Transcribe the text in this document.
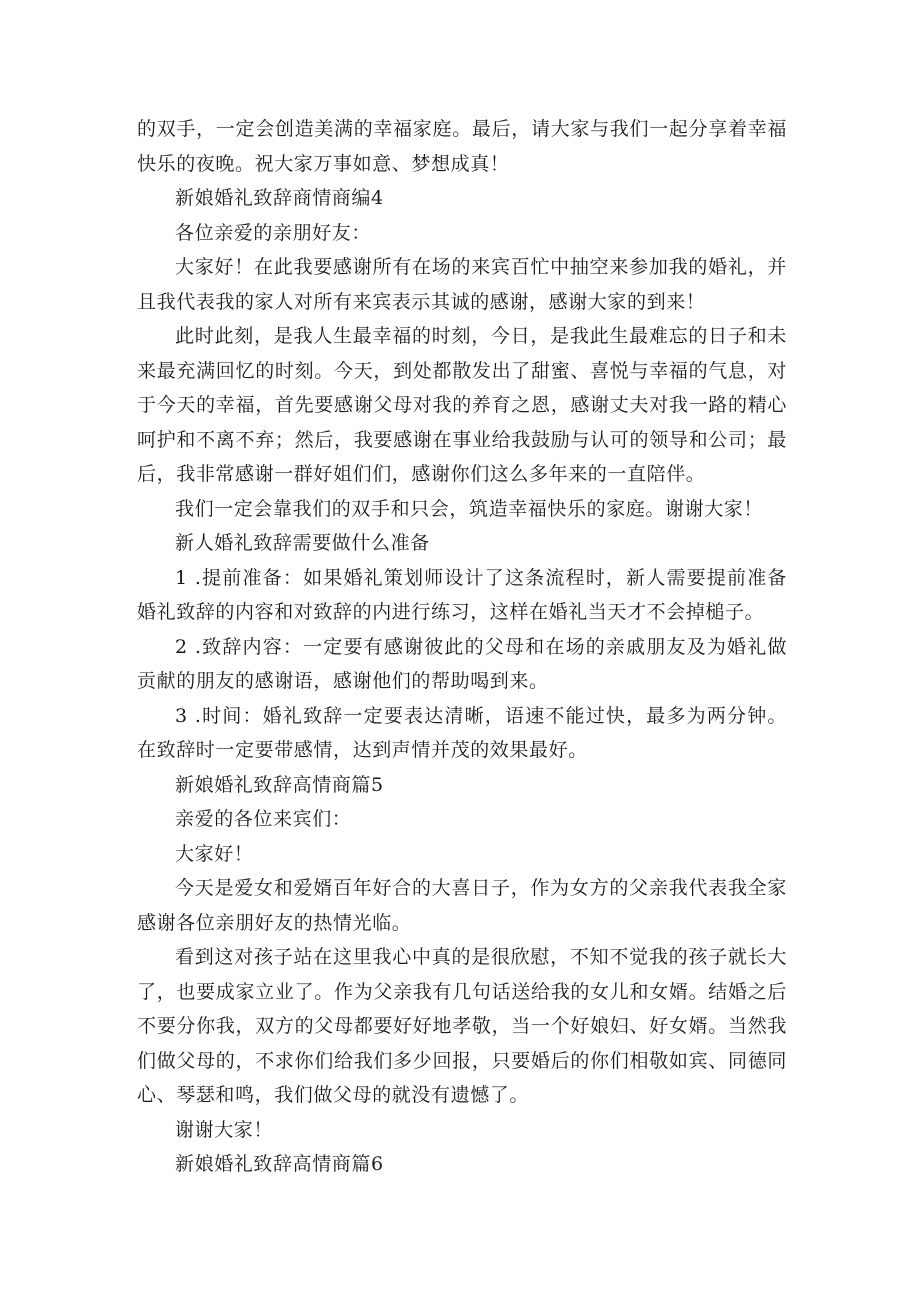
的双手，一定会创造美满的幸福家庭。最后，请大家与我们一起分享着幸福快乐的夜晚。祝大家万事如意、梦想成真！

新娘婚礼致辞商情商编4

各位亲爱的亲朋好友：

大家好！在此我要感谢所有在场的来宾百忙中抽空来参加我的婚礼，并且我代表我的家人对所有来宾表示其诚的感谢，感谢大家的到来！

此时此刻，是我人生最幸福的时刻，今日，是我此生最难忘的日子和未来最充满回忆的时刻。今天，到处都散发出了甜蜜、喜悦与幸福的气息，对于今天的幸福，首先要感谢父母对我的养育之恩，感谢丈夫对我一路的精心呵护和不离不弃；然后，我要感谢在事业给我鼓励与认可的领导和公司；最后，我非常感谢一群好姐们们，感谢你们这么多年来的一直陪伴。

我们一定会靠我们的双手和只会，筑造幸福快乐的家庭。谢谢大家！

新人婚礼致辞需要做什么准备

1 .提前准备：如果婚礼策划师设计了这条流程时，新人需要提前准备婚礼致辞的内容和对致辞的内进行练习，这样在婚礼当天才不会掉槌子。

2 .致辞内容：一定要有感谢彼此的父母和在场的亲戚朋友及为婚礼做贡献的朋友的感谢语，感谢他们的帮助喝到来。

3 .时间：婚礼致辞一定要表达清晰，语速不能过快，最多为两分钟。在致辞时一定要带感情，达到声情并茂的效果最好。

新娘婚礼致辞高情商篇5

亲爱的各位来宾们：

大家好！

今天是爱女和爱婿百年好合的大喜日子，作为女方的父亲我代表我全家感谢各位亲朋好友的热情光临。

看到这对孩子站在这里我心中真的是很欣慰，不知不觉我的孩子就长大了，也要成家立业了。作为父亲我有几句话送给我的女儿和女婿。结婚之后不要分你我，双方的父母都要好好地孝敬，当一个好娘妇、好女婿。当然我们做父母的，不求你们给我们多少回报，只要婚后的你们相敬如宾、同德同心、琴瑟和鸣，我们做父母的就没有遗憾了。

谢谢大家！

新娘婚礼致辞高情商篇6
